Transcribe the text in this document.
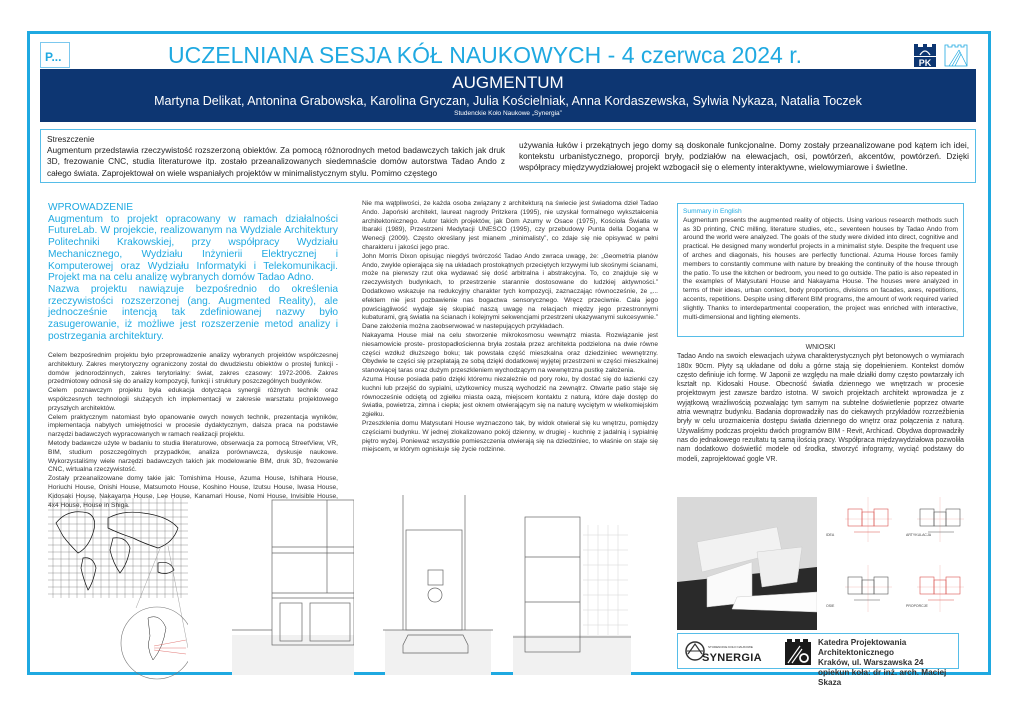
P...	UCZELNIANA SESJA KÓŁ NAUKOWYCH - 4 czerwca 2024 r.	PK
AUGMENTUM
Martyna Delikat, Antonina Grabowska, Karolina Gryczan, Julia Kościelniak, Anna Kordaszewska, Sylwia Nykaza, Natalia Toczek
Studenckie Koło Naukowe „Synergia”
Streszczenie
Augmentum przedstawia rzeczywistość rozszerzoną obiektów. Za pomocą różnorodnych metod badawczych takich jak druk 3D, frezowanie CNC, studia literaturowe itp. zostało przeanalizowanych siedemnaście domów autorstwa Tadao Ando z całego świata. Zaprojektował on wiele wspaniałych projektów w minimalistycznym stylu. Pomimo częstego
używania łuków i przekątnych jego domy są doskonale funkcjonalne. Domy zostały przeanalizowane pod kątem ich idei, kontekstu urbanistycznego, proporcji bryły, podziałów na elewacjach, osi, powtórzeń, akcentów, powtórzeń. Dzięki współpracy międzywydziałowej projekt wzbogacił się o elementy interaktywne, wielowymiarowe i świetlne.

WPROWADZENIE

Augmentum to projekt opracowany w ramach działalności FutureLab. W projekcie, realizowanym na Wydziale Architektury Politechniki Krakowskiej, przy współpracy Wydziału Mechanicznego, Wydziału Inżynierii Elektrycznej i Komputerowej oraz Wydziału Informatyki i Telekomunikacji. Projekt ma na celu analizę wybranych domów Tadao Adno.

Nazwa projektu nawiązuje bezpośrednio do określenia rzeczywistości rozszerzonej (ang. Augmented Reality), ale jednocześnie intencją tak zdefiniowanej nazwy było zasugerowanie, iż możliwe jest rozszerzenie metod analizy i postrzegania architektury.

Celem bezpośrednim projektu było przeprowadzenie analizy wybranych projektów współczesnej architektury. Zakres merytoryczny ograniczony został do dwudziestu obiektów o prostej funkcji - domów jednorodzinnych, zakres terytorialny: świat, zakres czasowy: 1972-2006. Zakres przedmiotowy odnosił się do analizy kompozycji, funkcji i struktury poszczególnych budynków.

Celem poznawczym projektu była edukacja dotycząca synergii różnych technik oraz współczesnych technologii służących ich implementacji w zakresie warsztatu projektowego przyszłych architektów.

Celem praktycznym natomiast było opanowanie owych nowych technik, prezentacja wyników, implementacja nabytych umiejętności w procesie dydaktycznym, dalsza praca na podstawie narzędzi badawczych wypracowanych w ramach realizacji projektu.

Metody badawcze użyte w badaniu to studia literaturowe, obserwacja za pomocą StreetView, VR, BIM, studium poszczególnych przypadków, analiza porównawcza, dyskusje naukowe. Wykorzystaliśmy wiele narzędzi badawczych takich jak modelowanie BIM, druk 3D, frezowanie CNC, wirtualna rzeczywistość.

Zostały przeanalizowane domy takie jak: Tomishima House, Azuma House, Ishihara House, Horiuchi House, Onishi House, Matsumoto House, Koshino House, Izutsu House, Iwasa House, Kidosaki House, Nakayama House, Lee House, Kanamari House, Nomi House, Invisible House, 4x4 House, House in Shiga.

Nie ma wątpliwości, że każda osoba związany z architekturą na świecie jest świadoma dzieł Tadao Ando. Japoński architekt, laureat nagrody Pritzkera (1995), nie uzyskał formalnego wykształcenia architektonicznego. Autor takich projektów, jak Dom Azumy w Osace (1975), Kościoła Światła w Ibaraki (1989), Przestrzeni Medytacji UNESCO (1995), czy przebudowy Punta della Dogana w Wenecji (2009). Często określany jest mianem „minimalisty”, co zdaje się nie opisywać w pełni charakteru i jakości jego prac.

John Morris Dixon opisując niegdyś twórczość Tadao Ando zwraca uwagę, że: „Geometria planów Ando, zwykle opierająca się na układach prostokątnych przeciętych krzywymi lub skośnymi ścianami, może na pierwszy rzut oka wydawać się dość arbitralna i abstrakcyjna. To, co znajduje się w rzeczywistych budynkach, to przestrzenie starannie dostosowane do ludzkiej aktywności.” Dodatkowo wskazuje na redukcyjny charakter tych kompozycji, zaznaczając równocześnie, że „... efektem nie jest pozbawienie nas bogactwa sensorycznego. Wręcz przeciwnie. Cała jego powściągliwość wydaje się skupiać naszą uwagę na relacjach między jego przestronnymi kubaturami, grą światła na ścianach i kolejnymi sekwencjami przestrzeni ukazywanymi sukcesywnie.” Dane założenia można zaobserwować w nastepujących przykładach.

Nakayama House miał na celu stworzenie mikrokosmosu wewnątrz miasta. Rozwiązanie jest niesamowicie proste- prostopadłościenna bryła została przez architekta podzielona na dwie równe części wzdłuż dłuższego boku; tak powstała część mieszkalna oraz dziedziniec wewnętrzny. Obydwie te części się przeplatają ze sobą dzięki dodatkowej wyjętej przestrzeni w części mieszkalnej stanowiącej taras oraz dużym przeszkleniem wychodzącym na wewnętrzna pustkę założenia.

Azuma House posiada patio dzięki któremu niezależnie od pory roku, by dostać się do łazienki czy kuchni lub przejść do sypialni, użytkownicy muszą wychodzić na zewnątrz. Otwarte patio staje się równocześnie odciętą od zgiełku miasta oazą, miejscem kontaktu z naturą, które daje dostęp do światła, powietrza, zimna i ciepła; jest oknem otwierającym się na naturę wyciętym w wielkomiejskim zgiełku.

Przeszklenia domu Matysutani House wyznaczono tak, by widok otwierał się ku wnętrzu, pomiędzy częściami budynku. W jednej zlokalizowano pokój dzienny, w drugiej - kuchnię z jadalnią i sypialnię piętro wyżej. Ponieważ wszystkie pomieszczenia otwierają się na dziedziniec, to właśnie on staje się miejscem, w którym ogniskuje się życie rodzinne.

Summary in English
Augmentum presents the augmented reality of objects. Using various research methods such as 3D printing, CNC milling, literature studies, etc., seventeen houses by Tadao Ando from around the world were analyzed. The goals of the study were divided into direct, cognitive and practical. He designed many wonderful projects in a minimalist style. Despite the frequent use of arches and diagonals, his houses are perfectly functional. Azuma House forces family members to constantly commune with nature by breaking the continuity of the house through the patio. To use the kitchen or bedroom, you need to go outside. The patio is also repeated in the examples of Matysutani House and Nakayama House. The houses were analyzed in terms of their ideas, urban context, body proportions, divisions on facades, axes, repetitions, accents, repetitions. Despite using different BIM programs, the amount of work required varied slightly. Thanks to interdepartmental cooperation, the project was enriched with interactive, multi-dimensional and lighting elements.
WNIOSKI
Tadao Ando na swoich elewacjach używa charakterystycznych płyt betonowych o wymiarach 180x 90cm. Płyty są układane od dołu a górne stają się dopełnieniem. Kontekst domów często definiuje ich formę. W Japonii ze względu na małe działki domy często powtarzały ich kształt np. Kidosaki House. Obecność światła dziennego we wnętrzach w procesie projektowym jest zawsze bardzo istotna. W swoich projektach architekt wprowadza je z wyjątkową wrażliwością pozwalając tym samym na subtelne doświetlenie poprzez otwarte atria wewnątrz budynku. Badania doprowadziły nas do ciekawych przykładów rozrzeźbienia bryły w celu urozmaicenia dostępu światła dziennego do wnętrz oraz połączenia z naturą. Używaliśmy podczas projektu dwóch programów BIM - Revit, Archicad. Obydwa doprowadziły nas do jednakowego rezultatu tą samą ilością pracy. Współpraca międzywydziałowa pozwoliła nam dodatkowo doświetlić modele od środka, stworzyć infogramy, wyciąć podstawy do modeli, zaprojektować gogle VR.
IDEA	ARTYKULACJA
OSIE	PROPORCJE
STUDENCKIE KOŁO NAUKOWE
SYNERGIA
Katedra Projektowania Architektonicznego
Kraków, ul. Warszawska 24
opiekun koła: dr inż. arch. Maciej Skaza
